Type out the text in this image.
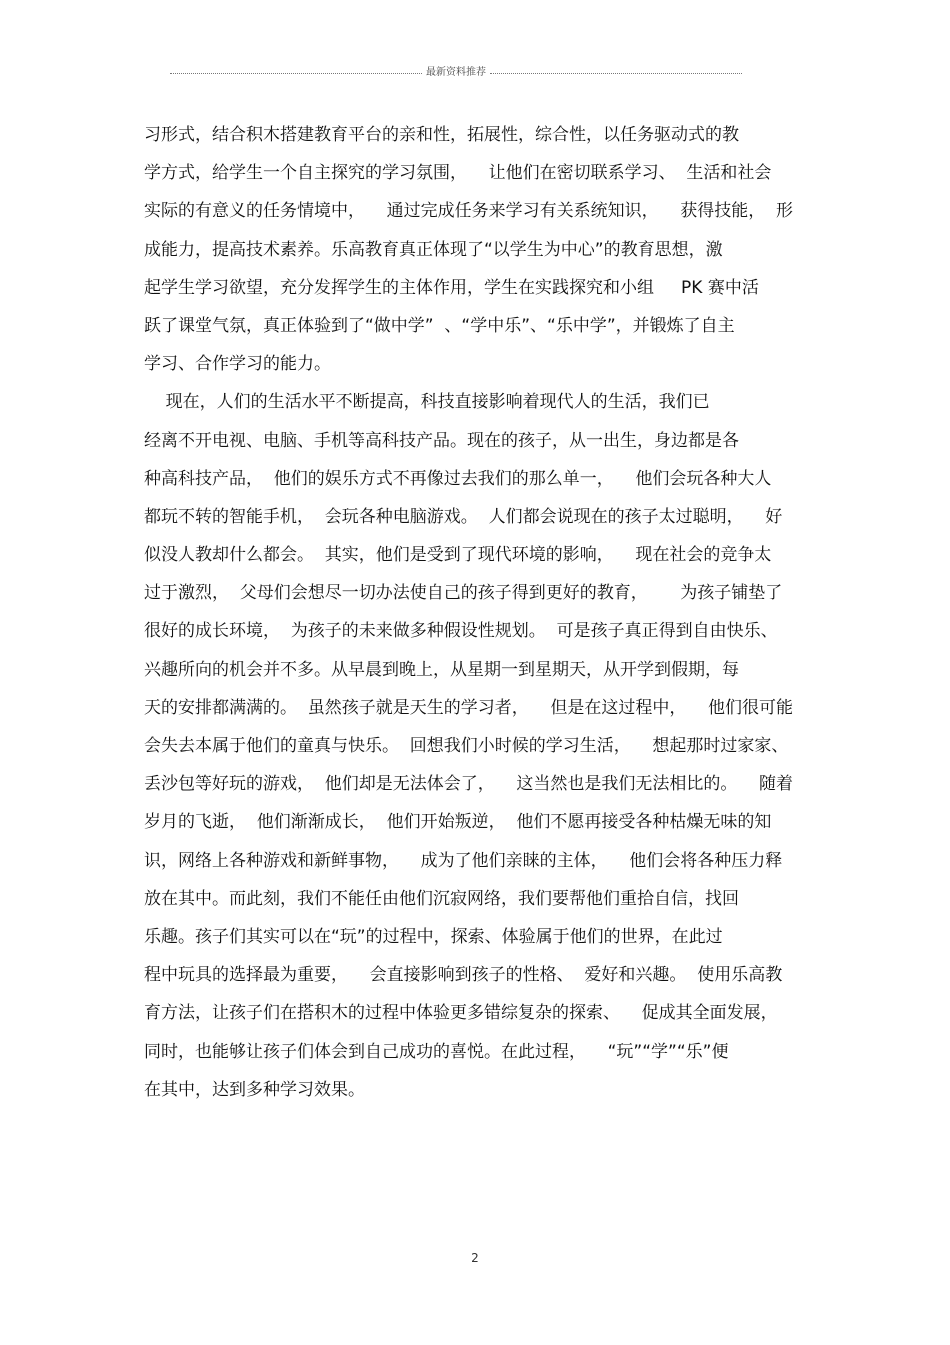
最新资料推荐
习形式，结合积木搭建教育平台的亲和性，拓展性，综合性，以任务驱动式的教
学方式，给学生一个自主探究的学习氛围，    让他们在密切联系学习、  生活和社会
实际的有意义的任务情境中，    通过完成任务来学习有关系统知识，    获得技能，  形
成能力，提高技术素养。乐高教育真正体现了“以学生为中心”的教育思想，激
起学生学习欲望，充分发挥学生的主体作用，学生在实践探究和小组     PK 赛中活
跃了课堂气氛，真正体验到了“做中学”  、“学中乐”、“乐中学”，并锻炼了自主
学习、合作学习的能力。
现在，人们的生活水平不断提高，科技直接影响着现代人的生活，我们已
经离不开电视、电脑、手机等高科技产品。现在的孩子，从一出生，身边都是各
种高科技产品，  他们的娱乐方式不再像过去我们的那么单一，    他们会玩各种大人
都玩不转的智能手机，  会玩各种电脑游戏。  人们都会说现在的孩子太过聪明，    好
似没人教却什么都会。  其实，他们是受到了现代环境的影响，    现在社会的竞争太
过于激烈，  父母们会想尽一切办法使自己的孩子得到更好的教育，      为孩子铺垫了
很好的成长环境，  为孩子的未来做多种假设性规划。  可是孩子真正得到自由快乐、
兴趣所向的机会并不多。从早晨到晚上，从星期一到星期天，从开学到假期，每
天的安排都满满的。  虽然孩子就是天生的学习者，    但是在这过程中，    他们很可能
会失去本属于他们的童真与快乐。  回想我们小时候的学习生活，    想起那时过家家、
丢沙包等好玩的游戏，  他们却是无法体会了，    这当然也是我们无法相比的。    随着
岁月的飞逝，  他们渐渐成长，  他们开始叛逆，  他们不愿再接受各种枯燥无味的知
识，网络上各种游戏和新鲜事物，    成为了他们亲睐的主体，    他们会将各种压力释
放在其中。而此刻，我们不能任由他们沉寂网络，我们要帮他们重拾自信，找回
乐趣。孩子们其实可以在“玩”的过程中，探索、体验属于他们的世界，在此过
程中玩具的选择最为重要，    会直接影响到孩子的性格、  爱好和兴趣。  使用乐高教
育方法，让孩子们在搭积木的过程中体验更多错综复杂的探索、    促成其全面发展，
同时，也能够让孩子们体会到自己成功的喜悦。在此过程，    “玩”“学”“乐”便
在其中，达到多种学习效果。
2
